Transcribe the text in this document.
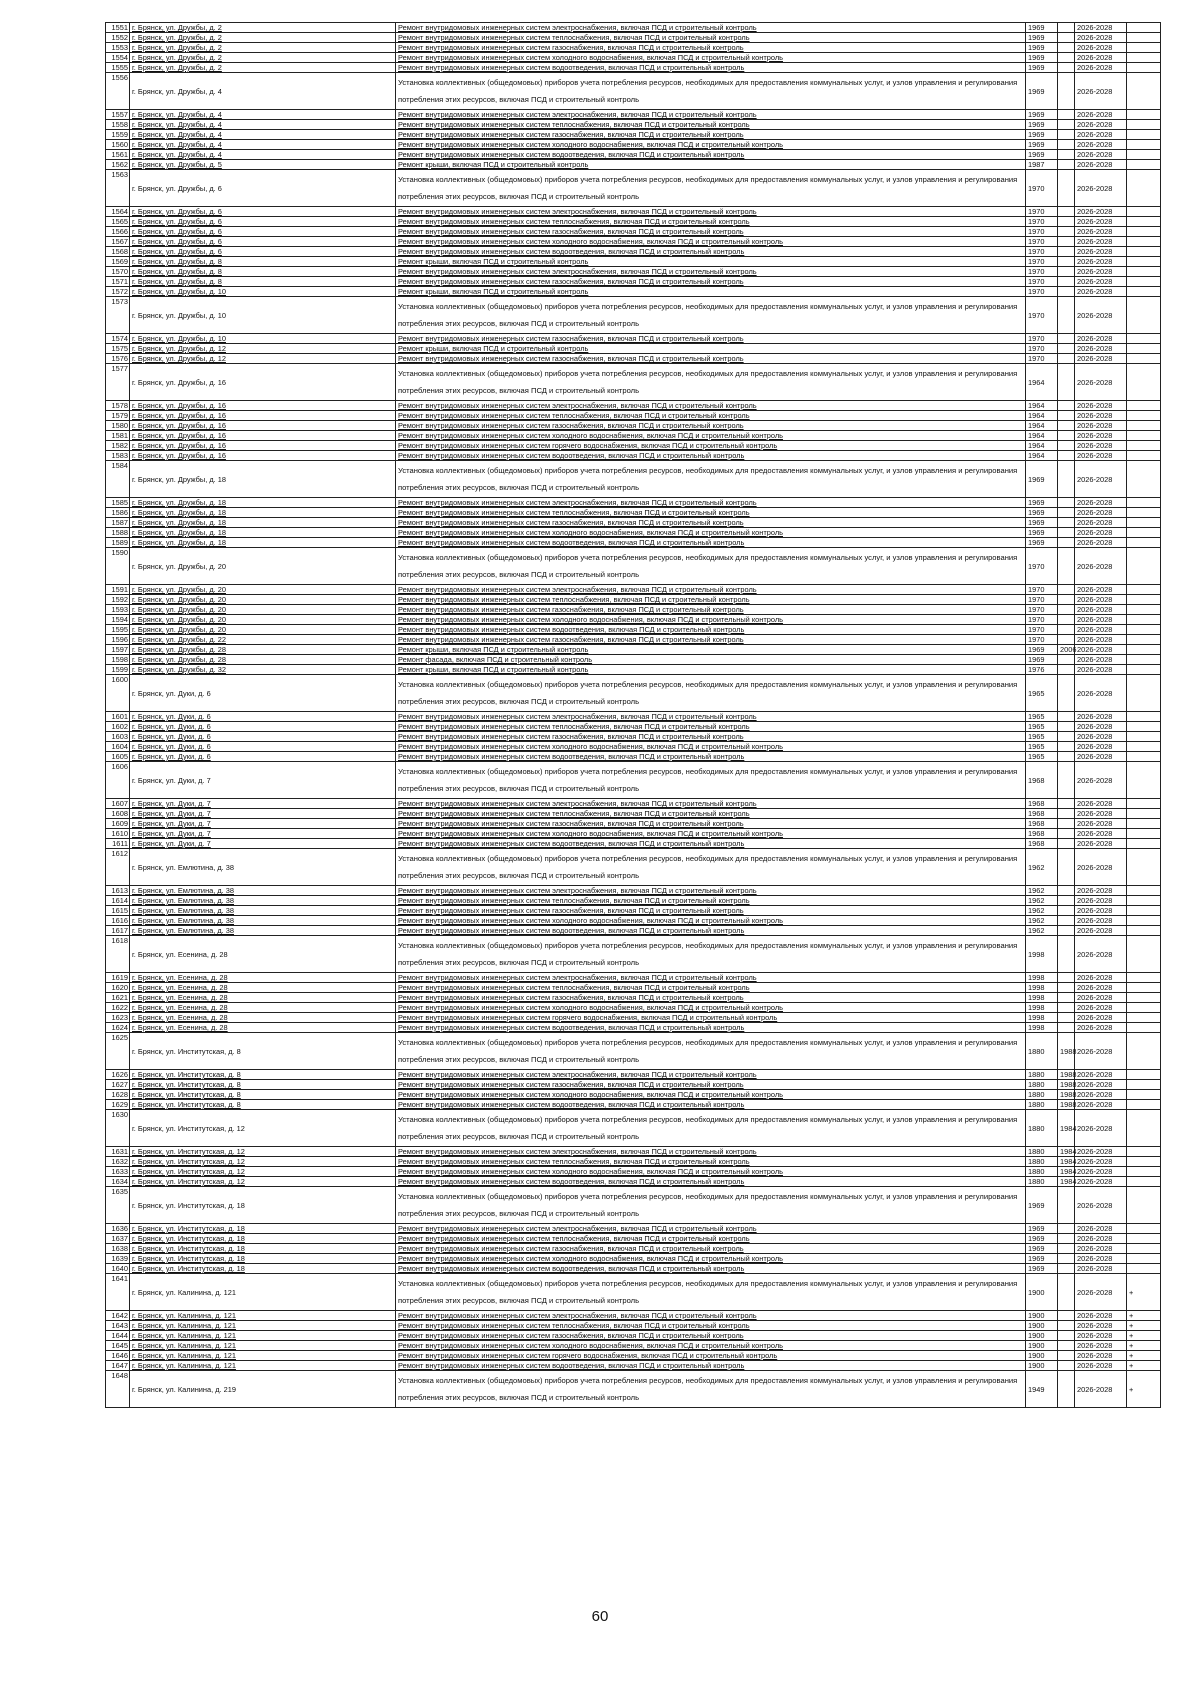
1551	г. Брянск, ул. Дружбы, д. 2	Ремонт внутридомовых инженерных систем электроснабжения, включая ПСД и строительный контроль	1969		2026-2028	
1552	г. Брянск, ул. Дружбы, д. 2	Ремонт внутридомовых инженерных систем теплоснабжения, включая ПСД и строительный контроль	1969		2026-2028	
1553	г. Брянск, ул. Дружбы, д. 2	Ремонт внутридомовых инженерных систем газоснабжения, включая ПСД и строительный контроль	1969		2026-2028	
1554	г. Брянск, ул. Дружбы, д. 2	Ремонт внутридомовых инженерных систем холодного водоснабжения, включая ПСД и строительный контроль	1969		2026-2028	
1555	г. Брянск, ул. Дружбы, д. 2	Ремонт внутридомовых инженерных систем водоотведения, включая ПСД и строительный контроль	1969		2026-2028	
1556	г. Брянск, ул. Дружбы, д. 4	Установка коллективных (общедомовых) приборов учета потребления ресурсов, необходимых для предоставления коммунальных услуг, и узлов управления и регулирования потребления этих ресурсов, включая ПСД и строительный контроль	1969		2026-2028	
1557	г. Брянск, ул. Дружбы, д. 4	Ремонт внутридомовых инженерных систем электроснабжения, включая ПСД и строительный контроль	1969		2026-2028	
1558	г. Брянск, ул. Дружбы, д. 4	Ремонт внутридомовых инженерных систем теплоснабжения, включая ПСД и строительный контроль	1969		2026-2028	
1559	г. Брянск, ул. Дружбы, д. 4	Ремонт внутридомовых инженерных систем газоснабжения, включая ПСД и строительный контроль	1969		2026-2028	
1560	г. Брянск, ул. Дружбы, д. 4	Ремонт внутридомовых инженерных систем холодного водоснабжения, включая ПСД и строительный контроль	1969		2026-2028	
1561	г. Брянск, ул. Дружбы, д. 4	Ремонт внутридомовых инженерных систем водоотведения, включая ПСД и строительный контроль	1969		2026-2028	
1562	г. Брянск, ул. Дружбы, д. 5	Ремонт крыши, включая ПСД и строительный контроль	1987		2026-2028	
1563	г. Брянск, ул. Дружбы, д. 6	Установка коллективных (общедомовых) приборов учета потребления ресурсов, необходимых для предоставления коммунальных услуг, и узлов управления и регулирования потребления этих ресурсов, включая ПСД и строительный контроль	1970		2026-2028	
1564	г. Брянск, ул. Дружбы, д. 6	Ремонт внутридомовых инженерных систем электроснабжения, включая ПСД и строительный контроль	1970		2026-2028	
1565	г. Брянск, ул. Дружбы, д. 6	Ремонт внутридомовых инженерных систем теплоснабжения, включая ПСД и строительный контроль	1970		2026-2028	
1566	г. Брянск, ул. Дружбы, д. 6	Ремонт внутридомовых инженерных систем газоснабжения, включая ПСД и строительный контроль	1970		2026-2028	
1567	г. Брянск, ул. Дружбы, д. 6	Ремонт внутридомовых инженерных систем холодного водоснабжения, включая ПСД и строительный контроль	1970		2026-2028	
1568	г. Брянск, ул. Дружбы, д. 6	Ремонт внутридомовых инженерных систем водоотведения, включая ПСД и строительный контроль	1970		2026-2028	
1569	г. Брянск, ул. Дружбы, д. 8	Ремонт крыши, включая ПСД и строительный контроль	1970		2026-2028	
1570	г. Брянск, ул. Дружбы, д. 8	Ремонт внутридомовых инженерных систем электроснабжения, включая ПСД и строительный контроль	1970		2026-2028	
1571	г. Брянск, ул. Дружбы, д. 8	Ремонт внутридомовых инженерных систем газоснабжения, включая ПСД и строительный контроль	1970		2026-2028	
1572	г. Брянск, ул. Дружбы, д. 10	Ремонт крыши, включая ПСД и строительный контроль	1970		2026-2028	
1573	г. Брянск, ул. Дружбы, д. 10	Установка коллективных (общедомовых) приборов учета потребления ресурсов, необходимых для предоставления коммунальных услуг, и узлов управления и регулирования потребления этих ресурсов, включая ПСД и строительный контроль	1970		2026-2028	
1574	г. Брянск, ул. Дружбы, д. 10	Ремонт внутридомовых инженерных систем газоснабжения, включая ПСД и строительный контроль	1970		2026-2028	
1575	г. Брянск, ул. Дружбы, д. 12	Ремонт крыши, включая ПСД и строительный контроль	1970		2026-2028	
1576	г. Брянск, ул. Дружбы, д. 12	Ремонт внутридомовых инженерных систем газоснабжения, включая ПСД и строительный контроль	1970		2026-2028	
1577	г. Брянск, ул. Дружбы, д. 16	Установка коллективных (общедомовых) приборов учета потребления ресурсов, необходимых для предоставления коммунальных услуг, и узлов управления и регулирования потребления этих ресурсов, включая ПСД и строительный контроль	1964		2026-2028	
1578	г. Брянск, ул. Дружбы, д. 16	Ремонт внутридомовых инженерных систем электроснабжения, включая ПСД и строительный контроль	1964		2026-2028	
1579	г. Брянск, ул. Дружбы, д. 16	Ремонт внутридомовых инженерных систем теплоснабжения, включая ПСД и строительный контроль	1964		2026-2028	
1580	г. Брянск, ул. Дружбы, д. 16	Ремонт внутридомовых инженерных систем газоснабжения, включая ПСД и строительный контроль	1964		2026-2028	
1581	г. Брянск, ул. Дружбы, д. 16	Ремонт внутридомовых инженерных систем холодного водоснабжения, включая ПСД и строительный контроль	1964		2026-2028	
1582	г. Брянск, ул. Дружбы, д. 16	Ремонт внутридомовых инженерных систем горячего водоснабжения, включая ПСД и строительный контроль	1964		2026-2028	
1583	г. Брянск, ул. Дружбы, д. 16	Ремонт внутридомовых инженерных систем водоотведения, включая ПСД и строительный контроль	1964		2026-2028	
1584	г. Брянск, ул. Дружбы, д. 18	Установка коллективных (общедомовых) приборов учета потребления ресурсов, необходимых для предоставления коммунальных услуг, и узлов управления и регулирования потребления этих ресурсов, включая ПСД и строительный контроль	1969		2026-2028	
1585	г. Брянск, ул. Дружбы, д. 18	Ремонт внутридомовых инженерных систем электроснабжения, включая ПСД и строительный контроль	1969		2026-2028	
1586	г. Брянск, ул. Дружбы, д. 18	Ремонт внутридомовых инженерных систем теплоснабжения, включая ПСД и строительный контроль	1969		2026-2028	
1587	г. Брянск, ул. Дружбы, д. 18	Ремонт внутридомовых инженерных систем газоснабжения, включая ПСД и строительный контроль	1969		2026-2028	
1588	г. Брянск, ул. Дружбы, д. 18	Ремонт внутридомовых инженерных систем холодного водоснабжения, включая ПСД и строительный контроль	1969		2026-2028	
1589	г. Брянск, ул. Дружбы, д. 18	Ремонт внутридомовых инженерных систем водоотведения, включая ПСД и строительный контроль	1969		2026-2028	
1590	г. Брянск, ул. Дружбы, д. 20	Установка коллективных (общедомовых) приборов учета потребления ресурсов, необходимых для предоставления коммунальных услуг, и узлов управления и регулирования потребления этих ресурсов, включая ПСД и строительный контроль	1970		2026-2028	
1591	г. Брянск, ул. Дружбы, д. 20	Ремонт внутридомовых инженерных систем электроснабжения, включая ПСД и строительный контроль	1970		2026-2028	
1592	г. Брянск, ул. Дружбы, д. 20	Ремонт внутридомовых инженерных систем теплоснабжения, включая ПСД и строительный контроль	1970		2026-2028	
1593	г. Брянск, ул. Дружбы, д. 20	Ремонт внутридомовых инженерных систем газоснабжения, включая ПСД и строительный контроль	1970		2026-2028	
1594	г. Брянск, ул. Дружбы, д. 20	Ремонт внутридомовых инженерных систем холодного водоснабжения, включая ПСД и строительный контроль	1970		2026-2028	
1595	г. Брянск, ул. Дружбы, д. 20	Ремонт внутридомовых инженерных систем водоотведения, включая ПСД и строительный контроль	1970		2026-2028	
1596	г. Брянск, ул. Дружбы, д. 22	Ремонт внутридомовых инженерных систем газоснабжения, включая ПСД и строительный контроль	1970		2026-2028	
1597	г. Брянск, ул. Дружбы, д. 28	Ремонт крыши, включая ПСД и строительный контроль	1969	2006	2026-2028	
1598	г. Брянск, ул. Дружбы, д. 28	Ремонт фасада, включая ПСД и строительный контроль	1969		2026-2028	
1599	г. Брянск, ул. Дружбы, д. 32	Ремонт крыши, включая ПСД и строительный контроль	1976		2026-2028	
1600	г. Брянск, ул. Дуки, д. 6	Установка коллективных (общедомовых) приборов учета потребления ресурсов, необходимых для предоставления коммунальных услуг, и узлов управления и регулирования потребления этих ресурсов, включая ПСД и строительный контроль	1965		2026-2028	
1601	г. Брянск, ул. Дуки, д. 6	Ремонт внутридомовых инженерных систем электроснабжения, включая ПСД и строительный контроль	1965		2026-2028	
1602	г. Брянск, ул. Дуки, д. 6	Ремонт внутридомовых инженерных систем теплоснабжения, включая ПСД и строительный контроль	1965		2026-2028	
1603	г. Брянск, ул. Дуки, д. 6	Ремонт внутридомовых инженерных систем газоснабжения, включая ПСД и строительный контроль	1965		2026-2028	
1604	г. Брянск, ул. Дуки, д. 6	Ремонт внутридомовых инженерных систем холодного водоснабжения, включая ПСД и строительный контроль	1965		2026-2028	
1605	г. Брянск, ул. Дуки, д. 6	Ремонт внутридомовых инженерных систем водоотведения, включая ПСД и строительный контроль	1965		2026-2028	
1606	г. Брянск, ул. Дуки, д. 7	Установка коллективных (общедомовых) приборов учета потребления ресурсов, необходимых для предоставления коммунальных услуг, и узлов управления и регулирования потребления этих ресурсов, включая ПСД и строительный контроль	1968		2026-2028	
1607	г. Брянск, ул. Дуки, д. 7	Ремонт внутридомовых инженерных систем электроснабжения, включая ПСД и строительный контроль	1968		2026-2028	
1608	г. Брянск, ул. Дуки, д. 7	Ремонт внутридомовых инженерных систем теплоснабжения, включая ПСД и строительный контроль	1968		2026-2028	
1609	г. Брянск, ул. Дуки, д. 7	Ремонт внутридомовых инженерных систем газоснабжения, включая ПСД и строительный контроль	1968		2026-2028	
1610	г. Брянск, ул. Дуки, д. 7	Ремонт внутридомовых инженерных систем холодного водоснабжения, включая ПСД и строительный контроль	1968		2026-2028	
1611	г. Брянск, ул. Дуки, д. 7	Ремонт внутридомовых инженерных систем водоотведения, включая ПСД и строительный контроль	1968		2026-2028	
1612	г. Брянск, ул. Емлютина, д. 38	Установка коллективных (общедомовых) приборов учета потребления ресурсов, необходимых для предоставления коммунальных услуг, и узлов управления и регулирования потребления этих ресурсов, включая ПСД и строительный контроль	1962		2026-2028	
1613	г. Брянск, ул. Емлютина, д. 38	Ремонт внутридомовых инженерных систем электроснабжения, включая ПСД и строительный контроль	1962		2026-2028	
1614	г. Брянск, ул. Емлютина, д. 38	Ремонт внутридомовых инженерных систем теплоснабжения, включая ПСД и строительный контроль	1962		2026-2028	
1615	г. Брянск, ул. Емлютина, д. 38	Ремонт внутридомовых инженерных систем газоснабжения, включая ПСД и строительный контроль	1962		2026-2028	
1616	г. Брянск, ул. Емлютина, д. 38	Ремонт внутридомовых инженерных систем холодного водоснабжения, включая ПСД и строительный контроль	1962		2026-2028	
1617	г. Брянск, ул. Емлютина, д. 38	Ремонт внутридомовых инженерных систем водоотведения, включая ПСД и строительный контроль	1962		2026-2028	
1618	г. Брянск, ул. Есенина, д. 28	Установка коллективных (общедомовых) приборов учета потребления ресурсов, необходимых для предоставления коммунальных услуг, и узлов управления и регулирования потребления этих ресурсов, включая ПСД и строительный контроль	1998		2026-2028	
1619	г. Брянск, ул. Есенина, д. 28	Ремонт внутридомовых инженерных систем электроснабжения, включая ПСД и строительный контроль	1998		2026-2028	
1620	г. Брянск, ул. Есенина, д. 28	Ремонт внутридомовых инженерных систем теплоснабжения, включая ПСД и строительный контроль	1998		2026-2028	
1621	г. Брянск, ул. Есенина, д. 28	Ремонт внутридомовых инженерных систем газоснабжения, включая ПСД и строительный контроль	1998		2026-2028	
1622	г. Брянск, ул. Есенина, д. 28	Ремонт внутридомовых инженерных систем холодного водоснабжения, включая ПСД и строительный контроль	1998		2026-2028	
1623	г. Брянск, ул. Есенина, д. 28	Ремонт внутридомовых инженерных систем горячего водоснабжения, включая ПСД и строительный контроль	1998		2026-2028	
1624	г. Брянск, ул. Есенина, д. 28	Ремонт внутридомовых инженерных систем водоотведения, включая ПСД и строительный контроль	1998		2026-2028	
1625	г. Брянск, ул. Институтская, д. 8	Установка коллективных (общедомовых) приборов учета потребления ресурсов, необходимых для предоставления коммунальных услуг, и узлов управления и регулирования потребления этих ресурсов, включая ПСД и строительный контроль	1880	1988	2026-2028	
1626	г. Брянск, ул. Институтская, д. 8	Ремонт внутридомовых инженерных систем электроснабжения, включая ПСД и строительный контроль	1880	1988	2026-2028	
1627	г. Брянск, ул. Институтская, д. 8	Ремонт внутридомовых инженерных систем газоснабжения, включая ПСД и строительный контроль	1880	1988	2026-2028	
1628	г. Брянск, ул. Институтская, д. 8	Ремонт внутридомовых инженерных систем холодного водоснабжения, включая ПСД и строительный контроль	1880	1988	2026-2028	
1629	г. Брянск, ул. Институтская, д. 8	Ремонт внутридомовых инженерных систем водоотведения, включая ПСД и строительный контроль	1880	1988	2026-2028	
1630	г. Брянск, ул. Институтская, д. 12	Установка коллективных (общедомовых) приборов учета потребления ресурсов, необходимых для предоставления коммунальных услуг, и узлов управления и регулирования потребления этих ресурсов, включая ПСД и строительный контроль	1880	1984	2026-2028	
1631	г. Брянск, ул. Институтская, д. 12	Ремонт внутридомовых инженерных систем электроснабжения, включая ПСД и строительный контроль	1880	1984	2026-2028	
1632	г. Брянск, ул. Институтская, д. 12	Ремонт внутридомовых инженерных систем теплоснабжения, включая ПСД и строительный контроль	1880	1984	2026-2028	
1633	г. Брянск, ул. Институтская, д. 12	Ремонт внутридомовых инженерных систем холодного водоснабжения, включая ПСД и строительный контроль	1880	1984	2026-2028	
1634	г. Брянск, ул. Институтская, д. 12	Ремонт внутридомовых инженерных систем водоотведения, включая ПСД и строительный контроль	1880	1984	2026-2028	
1635	г. Брянск, ул. Институтская, д. 18	Установка коллективных (общедомовых) приборов учета потребления ресурсов, необходимых для предоставления коммунальных услуг, и узлов управления и регулирования потребления этих ресурсов, включая ПСД и строительный контроль	1969		2026-2028	
1636	г. Брянск, ул. Институтская, д. 18	Ремонт внутридомовых инженерных систем электроснабжения, включая ПСД и строительный контроль	1969		2026-2028	
1637	г. Брянск, ул. Институтская, д. 18	Ремонт внутридомовых инженерных систем теплоснабжения, включая ПСД и строительный контроль	1969		2026-2028	
1638	г. Брянск, ул. Институтская, д. 18	Ремонт внутридомовых инженерных систем газоснабжения, включая ПСД и строительный контроль	1969		2026-2028	
1639	г. Брянск, ул. Институтская, д. 18	Ремонт внутридомовых инженерных систем холодного водоснабжения, включая ПСД и строительный контроль	1969		2026-2028	
1640	г. Брянск, ул. Институтская, д. 18	Ремонт внутридомовых инженерных систем водоотведения, включая ПСД и строительный контроль	1969		2026-2028	
1641	г. Брянск, ул. Калинина, д. 121	Установка коллективных (общедомовых) приборов учета потребления ресурсов, необходимых для предоставления коммунальных услуг, и узлов управления и регулирования потребления этих ресурсов, включая ПСД и строительный контроль	1900		2026-2028	+
1642	г. Брянск, ул. Калинина, д. 121	Ремонт внутридомовых инженерных систем электроснабжения, включая ПСД и строительный контроль	1900		2026-2028	+
1643	г. Брянск, ул. Калинина, д. 121	Ремонт внутридомовых инженерных систем теплоснабжения, включая ПСД и строительный контроль	1900		2026-2028	+
1644	г. Брянск, ул. Калинина, д. 121	Ремонт внутридомовых инженерных систем газоснабжения, включая ПСД и строительный контроль	1900		2026-2028	+
1645	г. Брянск, ул. Калинина, д. 121	Ремонт внутридомовых инженерных систем холодного водоснабжения, включая ПСД и строительный контроль	1900		2026-2028	+
1646	г. Брянск, ул. Калинина, д. 121	Ремонт внутридомовых инженерных систем горячего водоснабжения, включая ПСД и строительный контроль	1900		2026-2028	+
1647	г. Брянск, ул. Калинина, д. 121	Ремонт внутридомовых инженерных систем водоотведения, включая ПСД и строительный контроль	1900		2026-2028	+
1648	г. Брянск, ул. Калинина, д. 219	Установка коллективных (общедомовых) приборов учета потребления ресурсов, необходимых для предоставления коммунальных услуг, и узлов управления и регулирования потребления этих ресурсов, включая ПСД и строительный контроль	1949		2026-2028	+
60
